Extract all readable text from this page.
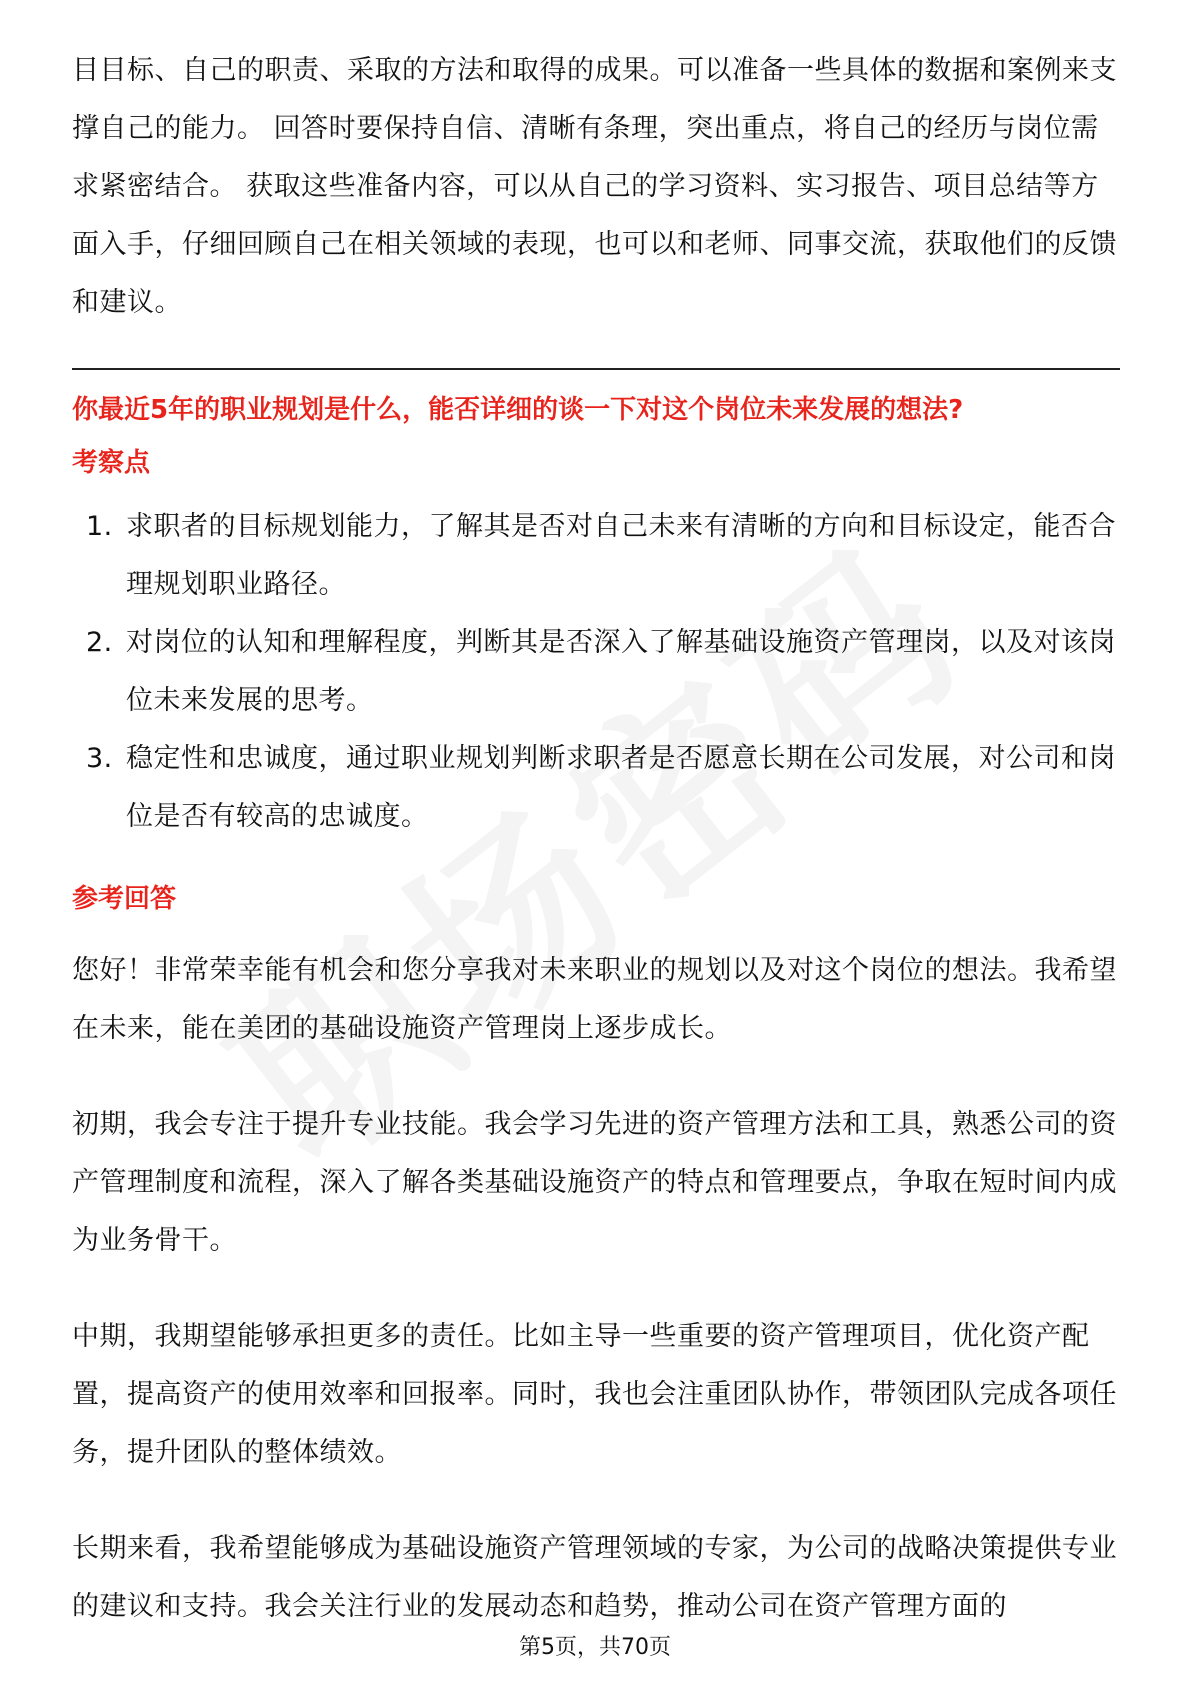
目目标、自己的职责、采取的方法和取得的成果。可以准备一些具体的数据和案例来支撑自己的能力。 回答时要保持自信、清晰有条理，突出重点，将自己的经历与岗位需求紧密结合。 获取这些准备内容，可以从自己的学习资料、实习报告、项目总结等方面入手，仔细回顾自己在相关领域的表现，也可以和老师、同事交流，获取他们的反馈和建议。

你最近5年的职业规划是什么，能否详细的谈一下对这个岗位未来发展的想法?

考察点
1. 求职者的目标规划能力，了解其是否对自己未来有清晰的方向和目标设定，能否合理规划职业路径。
2. 对岗位的认知和理解程度，判断其是否深入了解基础设施资产管理岗，以及对该岗位未来发展的思考。
3. 稳定性和忠诚度，通过职业规划判断求职者是否愿意长期在公司发展，对公司和岗位是否有较高的忠诚度。
参考回答

您好！非常荣幸能有机会和您分享我对未来职业的规划以及对这个岗位的想法。我希望在未来，能在美团的基础设施资产管理岗上逐步成长。

初期，我会专注于提升专业技能。我会学习先进的资产管理方法和工具，熟悉公司的资产管理制度和流程，深入了解各类基础设施资产的特点和管理要点，争取在短时间内成为业务骨干。

中期，我期望能够承担更多的责任。比如主导一些重要的资产管理项目，优化资产配置，提高资产的使用效率和回报率。同时，我也会注重团队协作，带领团队完成各项任务，提升团队的整体绩效。

长期来看，我希望能够成为基础设施资产管理领域的专家，为公司的战略决策提供专业的建议和支持。我会关注行业的发展动态和趋势，推动公司在资产管理方面的

第5页，共70页
